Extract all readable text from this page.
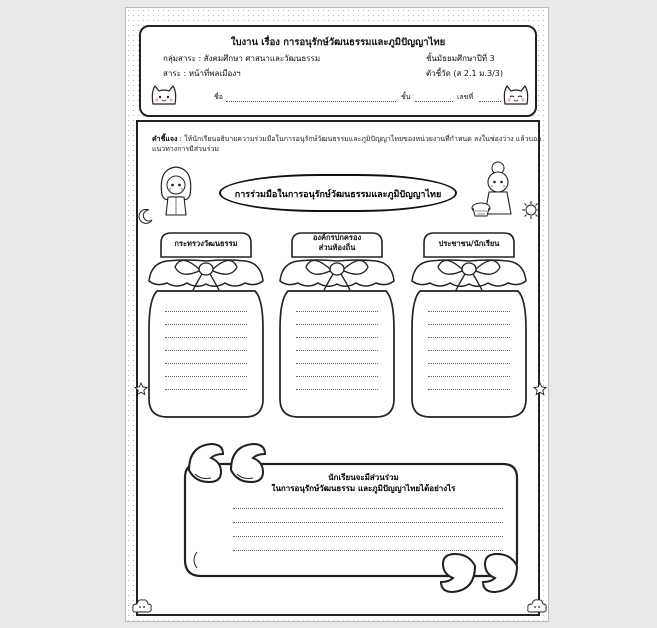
ใบงาน เรื่อง การอนุรักษ์วัฒนธรรมและภูมิปัญญาไทย
กลุ่มสาระ : สังคมศึกษา ศาสนาและวัฒนธรรม	ชั้นมัธยมศึกษาปีที่ 3
สาระ : หน้าที่พลเมืองฯ	ตัวชี้วัด (ส 2.1 ม.3/3)
ชื่อ	ชั้น	เลขที่
คำชี้แจง : ให้นักเรียนอธิบายความร่วมมือในการอนุรักษ์วัฒนธรรมและภูมิปัญญาไทยของหน่วยงานที่กำหนด ลงในช่องว่าง แล้วบอกแนวทางการมีส่วนร่วม
การร่วมมือในการอนุรักษ์วัฒนธรรมและภูมิปัญญาไทย
กระทรวงวัฒนธรรม
องค์กรปกครอง
ส่วนท้องถิ่น	ประชาชน/นักเรียน
นักเรียนจะมีส่วนร่วม
ในการอนุรักษ์วัฒนธรรม และภูมิปัญญาไทยได้อย่างไร
